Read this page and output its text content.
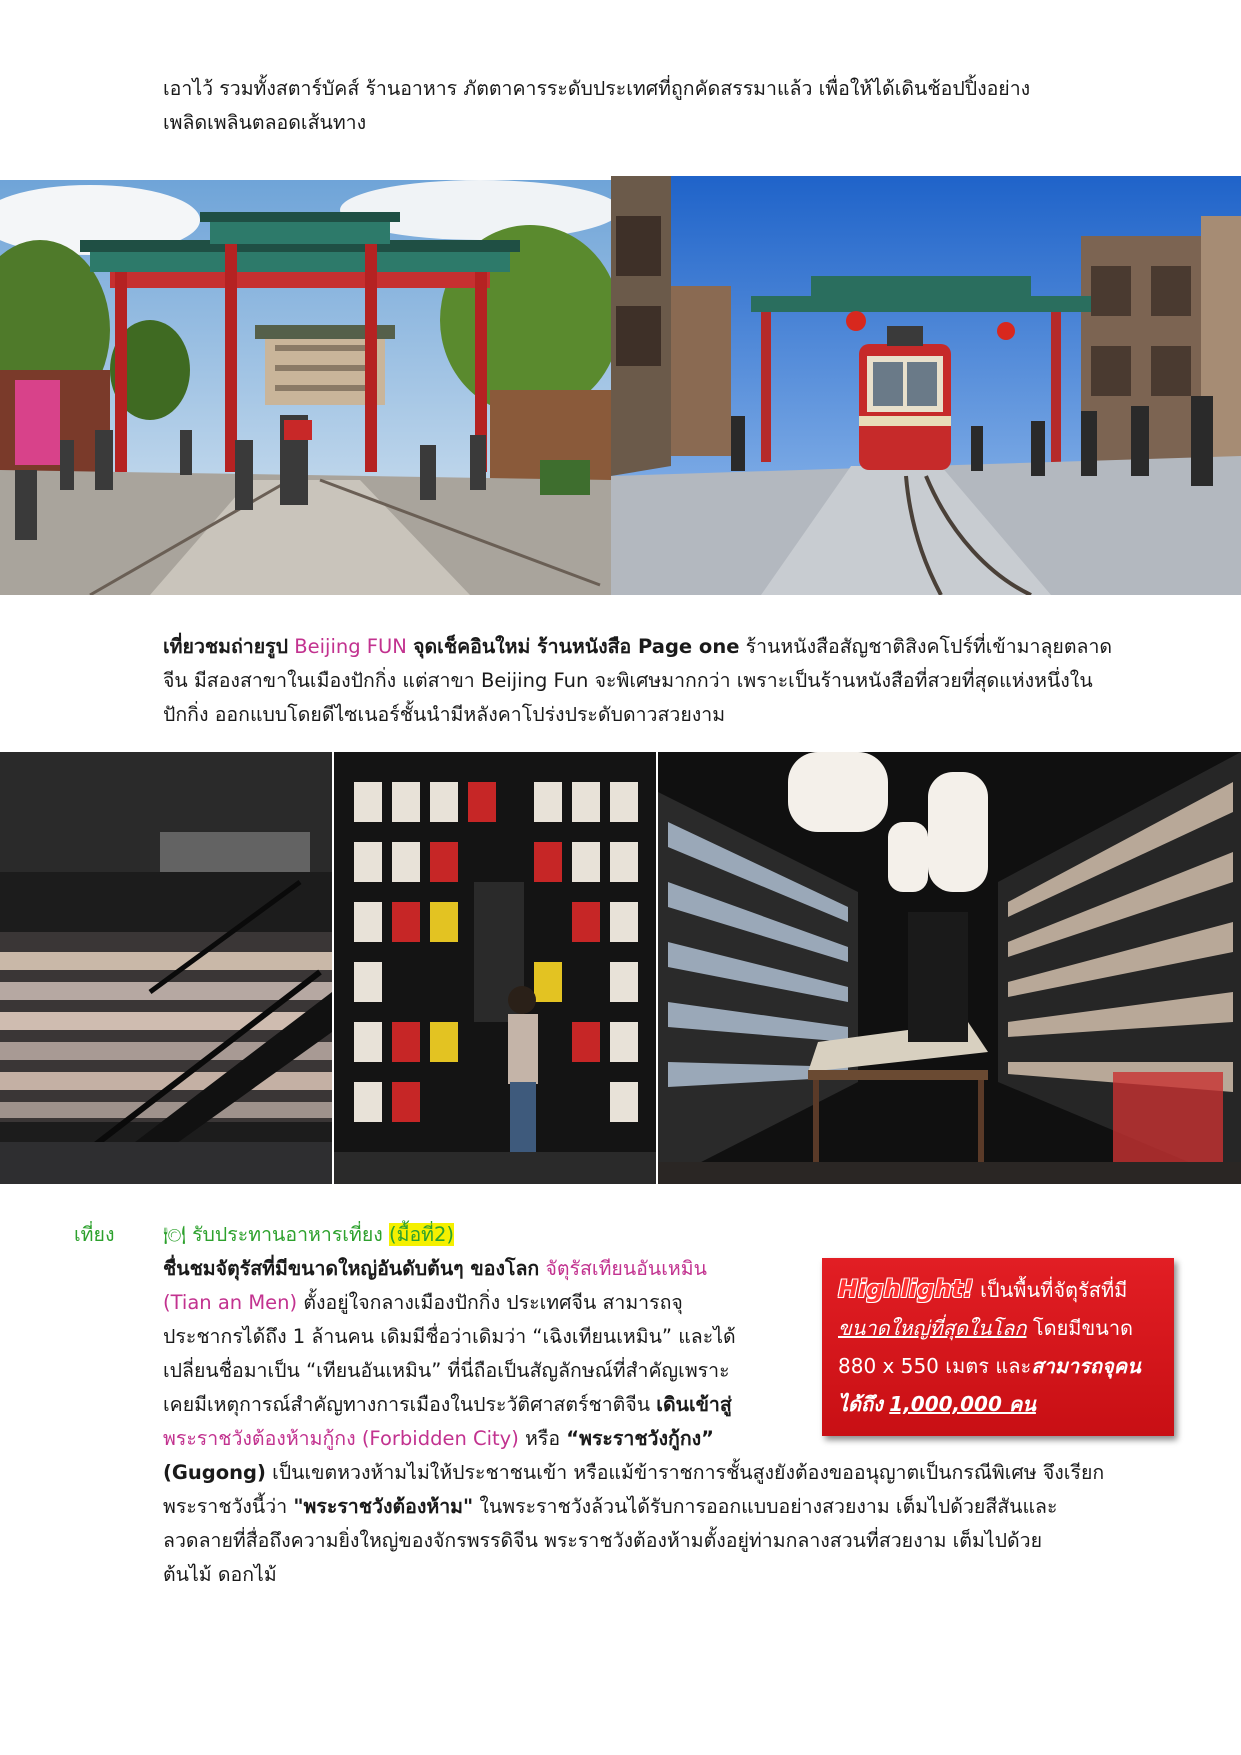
เอาไว้ รวมทั้งสตาร์บัคส์ ร้านอาหาร ภัตตาคารระดับประเทศที่ถูกคัดสรรมาแล้ว เพื่อให้ได้เดินช้อปปิ้งอย่าง
เพลิดเพลินตลอดเส้นทาง
เที่ยวชมถ่ายรูป Beijing FUN จุดเช็คอินใหม่ ร้านหนังสือ Page one ร้านหนังสือสัญชาติสิงคโปร์ที่เข้ามาลุยตลาด
จีน มีสองสาขาในเมืองปักกิ่ง แต่สาขา Beijing Fun จะพิเศษมากกว่า เพราะเป็นร้านหนังสือที่สวยที่สุดแห่งหนึ่งใน
ปักกิ่ง ออกแบบโดยดีไซเนอร์ชั้นนำมีหลังคาโปร่งประดับดาวสวยงาม
เที่ยง	🍽︎ รับประทานอาหารเที่ยง (มื้อที่2)
ชื่นชมจัตุรัสที่มีขนาดใหญ่อันดับต้นๆ ของโลก จัตุรัสเทียนอันเหมิน
(Tian an Men) ตั้งอยู่ใจกลางเมืองปักกิ่ง ประเทศจีน สามารถจุ
ประชากรได้ถึง 1 ล้านคน เดิมมีชื่อว่าเดิมว่า “เฉิงเทียนเหมิน” และได้
เปลี่ยนชื่อมาเป็น “เทียนอันเหมิน” ที่นี่ถือเป็นสัญลักษณ์ที่สำคัญเพราะ
เคยมีเหตุการณ์สำคัญทางการเมืองในประวัติศาสตร์ชาติจีน เดินเข้าสู่
พระราชวังต้องห้ามกู้กง (Forbidden City) หรือ “พระราชวังกู้กง”
(Gugong) เป็นเขตหวงห้ามไม่ให้ประชาชนเข้า หรือแม้ข้าราชการชั้นสูงยังต้องขออนุญาตเป็นกรณีพิเศษ จึงเรียก
พระราชวังนี้ว่า "พระราชวังต้องห้าม" ในพระราชวังล้วนได้รับการออกแบบอย่างสวยงาม เต็มไปด้วยสีสันและ
ลวดลายที่สื่อถึงความยิ่งใหญ่ของจักรพรรดิจีน พระราชวังต้องห้ามตั้งอยู่ท่ามกลางสวนที่สวยงาม เต็มไปด้วย
ต้นไม้ ดอกไม้
Highlight! เป็นพื้นที่จัตุรัสที่มี
ขนาดใหญ่ที่สุดในโลก โดยมีขนาด
880 x 550 เมตร และสามารถจุคน
ได้ถึง 1,000,000 คน
